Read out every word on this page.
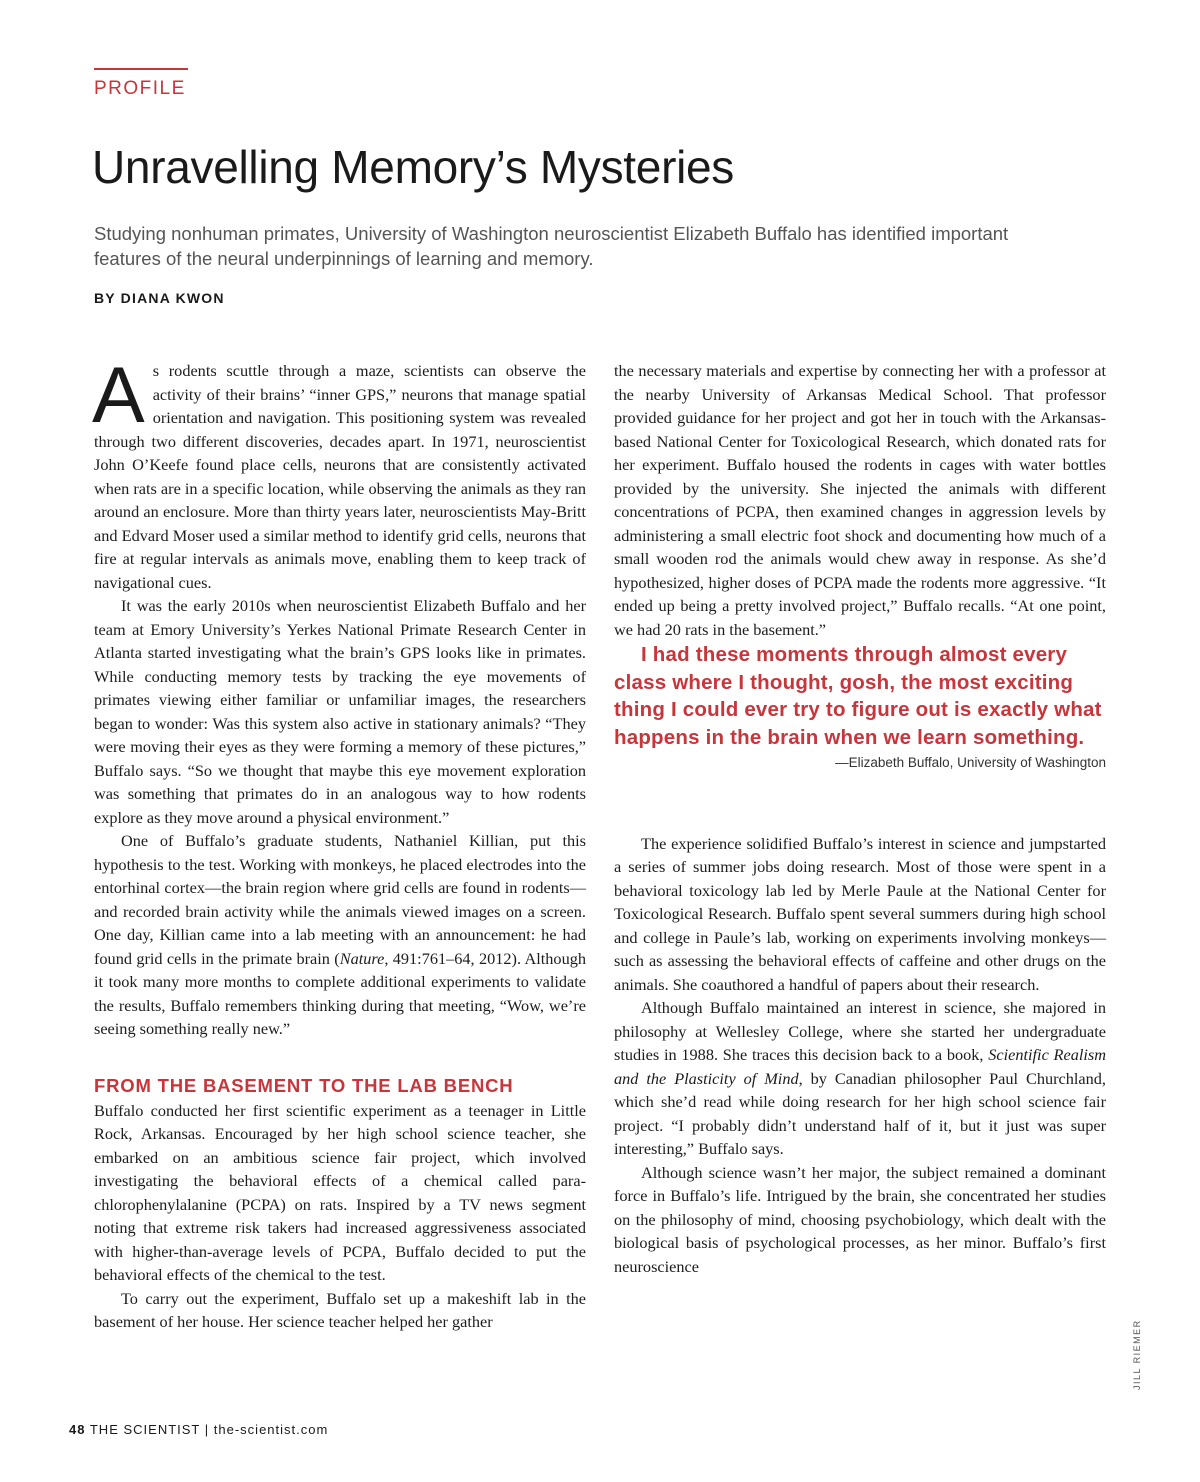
PROFILE
Unravelling Memory’s Mysteries

Studying nonhuman primates, University of Washington neuroscientist Elizabeth Buffalo has identified important features of the neural underpinnings of learning and memory.

BY DIANA KWON

As rodents scuttle through a maze, scientists can observe the activity of their brains’ “inner GPS,” neurons that manage spatial orientation and navigation. This positioning system was revealed through two different discoveries, decades apart. In 1971, neuroscientist John O’Keefe found place cells, neurons that are consistently activated when rats are in a specific location, while observing the animals as they ran around an enclosure. More than thirty years later, neuroscientists May-Britt and Edvard Moser used a similar method to identify grid cells, neurons that fire at regular intervals as animals move, enabling them to keep track of navigational cues.

It was the early 2010s when neuroscientist Elizabeth Buffalo and her team at Emory University’s Yerkes National Primate Research Center in Atlanta started investigating what the brain’s GPS looks like in primates. While conducting memory tests by tracking the eye movements of primates viewing either familiar or unfamiliar images, the researchers began to wonder: Was this system also active in stationary animals? “They were moving their eyes as they were forming a memory of these pictures,” Buffalo says. “So we thought that maybe this eye movement exploration was something that primates do in an analogous way to how rodents explore as they move around a physical environment.”

One of Buffalo’s graduate students, Nathaniel Killian, put this hypothesis to the test. Working with monkeys, he placed electrodes into the entorhinal cortex—the brain region where grid cells are found in rodents—and recorded brain activity while the animals viewed images on a screen. One day, Killian came into a lab meeting with an announcement: he had found grid cells in the primate brain (Nature, 491:761–64, 2012). Although it took many more months to complete additional experiments to validate the results, Buffalo remembers thinking during that meeting, “Wow, we’re seeing something really new.”

FROM THE BASEMENT TO THE LAB BENCH

Buffalo conducted her first scientific experiment as a teenager in Little Rock, Arkansas. Encouraged by her high school science teacher, she embarked on an ambitious science fair project, which involved investigating the behavioral effects of a chemical called para-chlorophenylalanine (PCPA) on rats. Inspired by a TV news segment noting that extreme risk takers had increased aggressiveness associated with higher-than-average levels of PCPA, Buffalo decided to put the behavioral effects of the chemical to the test.

To carry out the experiment, Buffalo set up a makeshift lab in the basement of her house. Her science teacher helped her gather

the necessary materials and expertise by connecting her with a professor at the nearby University of Arkansas Medical School. That professor provided guidance for her project and got her in touch with the Arkansas-based National Center for Toxicological Research, which donated rats for her experiment. Buffalo housed the rodents in cages with water bottles provided by the university. She injected the animals with different concentrations of PCPA, then examined changes in aggression levels by administering a small electric foot shock and documenting how much of a small wooden rod the animals would chew away in response. As she’d hypothesized, higher doses of PCPA made the rodents more aggressive. “It ended up being a pretty involved project,” Buffalo recalls. “At one point, we had 20 rats in the basement.”

I had these moments through almost every class where I thought, gosh, the most exciting thing I could ever try to figure out is exactly what happens in the brain when we learn something.

—Elizabeth Buffalo, University of Washington

The experience solidified Buffalo’s interest in science and jumpstarted a series of summer jobs doing research. Most of those were spent in a behavioral toxicology lab led by Merle Paule at the National Center for Toxicological Research. Buffalo spent several summers during high school and college in Paule’s lab, working on experiments involving monkeys—such as assessing the behavioral effects of caffeine and other drugs on the animals. She coauthored a handful of papers about their research.

Although Buffalo maintained an interest in science, she majored in philosophy at Wellesley College, where she started her undergraduate studies in 1988. She traces this decision back to a book, Scientific Realism and the Plasticity of Mind, by Canadian philosopher Paul Churchland, which she’d read while doing research for her high school science fair project. “I probably didn’t understand half of it, but it just was super interesting,” Buffalo says.

Although science wasn’t her major, the subject remained a dominant force in Buffalo’s life. Intrigued by the brain, she concentrated her studies on the philosophy of mind, choosing psychobiology, which dealt with the biological basis of psychological processes, as her minor. Buffalo’s first neuroscience

JILL RIEMER
48 THE SCIENTIST | the-scientist.com
